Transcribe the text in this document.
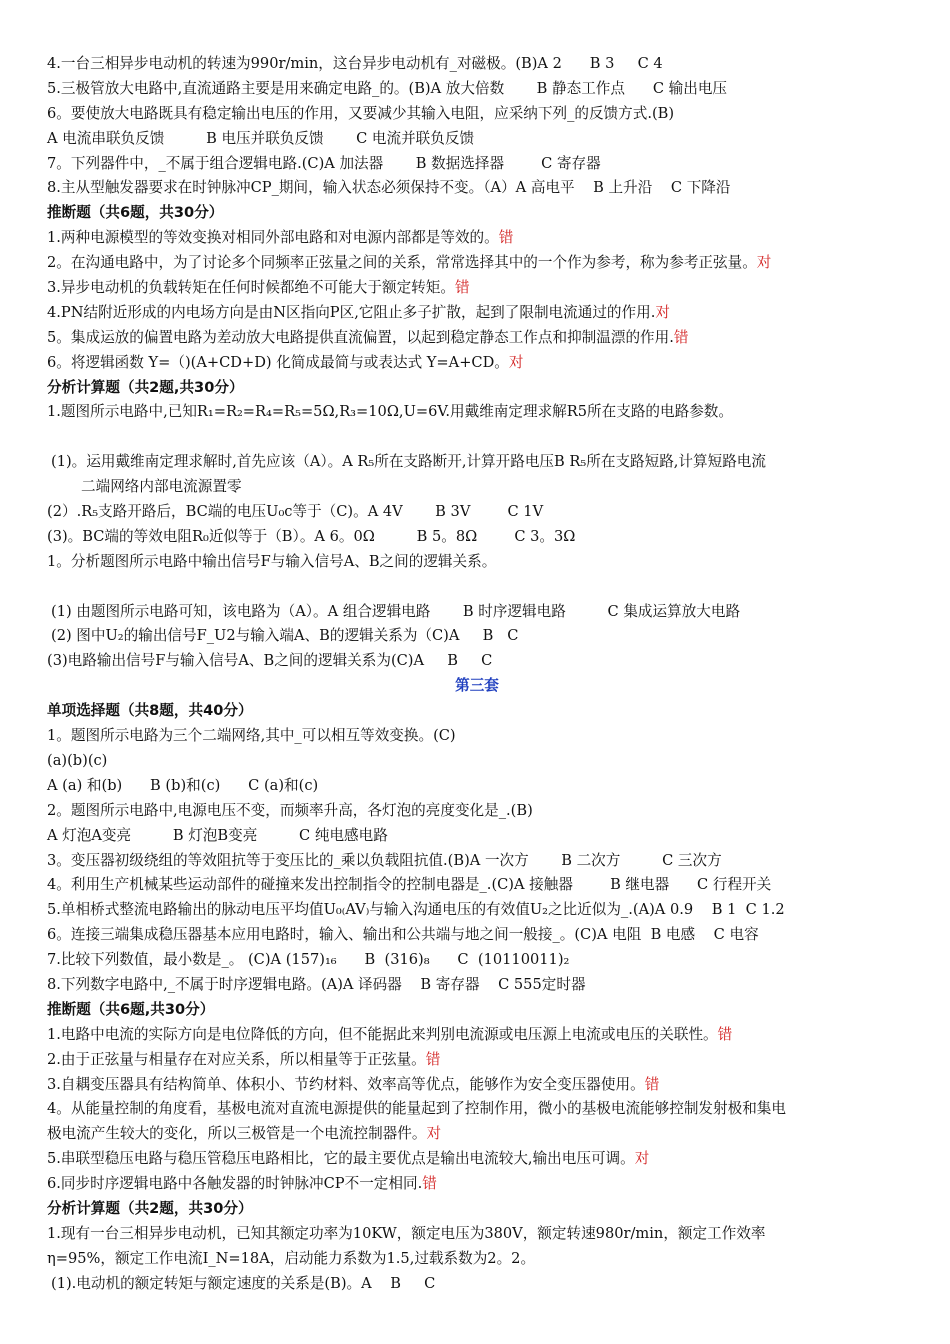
4.一台三相异步电动机的转速为990r/min，这台异步电动机有_对磁极。(B)A 2      B 3     C 4
5.三极管放大电路中,直流通路主要是用来确定电路_的。(B)A 放大倍数       B 静态工作点      C 输出电压
6。要使放大电路既具有稳定输出电压的作用，又要减少其输入电阻，应采纳下列_的反馈方式.(B)
A 电流串联负反馈         B 电压并联负反馈       C 电流并联负反馈
7。下列器件中，_不属于组合逻辑电路.(C)A 加法器       B 数据选择器        C 寄存器
8.主从型触发器要求在时钟脉冲CP_期间，输入状态必须保持不变。（A）A 高电平    B 上升沿    C 下降沿
推断题（共6题，共30分）
1.两种电源模型的等效变换对相同外部电路和对电源内部都是等效的。错
2。在沟通电路中，为了讨论多个同频率正弦量之间的关系，常常选择其中的一个作为参考，称为参考正弦量。对
3.异步电动机的负载转矩在任何时候都绝不可能大于额定转矩。错
4.PN结附近形成的内电场方向是由N区指向P区,它阻止多子扩散，起到了限制电流通过的作用.对
5。集成运放的偏置电路为差动放大电路提供直流偏置，以起到稳定静态工作点和抑制温漂的作用.错
6。将逻辑函数 Y=（)(A+CD+D) 化简成最简与或表达式 Y=A+CD。对
分析计算题（共2题,共30分）
1.题图所示电路中,已知R₁=R₂=R₄=R₅=5Ω,R₃=10Ω,U=6V.用戴维南定理求解R5所在支路的电路参数。
(1)。运用戴维南定理求解时,首先应该（A）。A R₅所在支路断开,计算开路电压B R₅所在支路短路,计算短路电流
二端网络内部电流源置零
(2）.R₅支路开路后，BC端的电压U₀c等于（C)。A 4V       B 3V        C 1V
(3)。BC端的等效电阻R₀近似等于（B）。A 6。0Ω         B 5。8Ω        C 3。3Ω
1。分析题图所示电路中输出信号F与输入信号A、B之间的逻辑关系。
(1) 由题图所示电路可知，该电路为（A）。A 组合逻辑电路       B 时序逻辑电路         C 集成运算放大电路
(2) 图中U₂的输出信号F_U2与输入端A、B的逻辑关系为（C)A     B   C
(3)电路输出信号F与输入信号A、B之间的逻辑关系为(C)A     B     C
第三套
单项选择题（共8题，共40分）
1。题图所示电路为三个二端网络,其中_可以相互等效变换。(C)
(a)(b)(c)
A (a) 和(b)      B (b)和(c)      C (a)和(c)
2。题图所示电路中,电源电压不变，而频率升高，各灯泡的亮度变化是_.(B)
A 灯泡A变亮         B 灯泡B变亮         C 纯电感电路
3。变压器初级绕组的等效阻抗等于变压比的_乘以负载阻抗值.(B)A 一次方       B 二次方         C 三次方
4。利用生产机械某些运动部件的碰撞来发出控制指令的控制电器是_.(C)A 接触器        B 继电器      C 行程开关
5.单相桥式整流电路输出的脉动电压平均值U₀₍AV₎与输入沟通电压的有效值U₂之比近似为_.(A)A 0.9    B 1  C 1.2
6。连接三端集成稳压器基本应用电路时，输入、输出和公共端与地之间一般接_。(C)A 电阻  B 电感    C 电容
7.比较下列数值，最小数是_。 (C)A (157)₁₆      B  (316)₈      C  (10110011)₂
8.下列数字电路中,_不属于时序逻辑电路。(A)A 译码器    B 寄存器    C 555定时器
推断题（共6题,共30分）
1.电路中电流的实际方向是电位降低的方向，但不能据此来判别电流源或电压源上电流或电压的关联性。错
2.由于正弦量与相量存在对应关系，所以相量等于正弦量。错
3.自耦变压器具有结构简单、体积小、节约材料、效率高等优点，能够作为安全变压器使用。错
4。从能量控制的角度看，基极电流对直流电源提供的能量起到了控制作用，微小的基极电流能够控制发射极和集电
极电流产生较大的变化，所以三极管是一个电流控制器件。对
5.串联型稳压电路与稳压管稳压电路相比，它的最主要优点是输出电流较大,输出电压可调。对
6.同步时序逻辑电路中各触发器的时钟脉冲CP不一定相同.错
分析计算题（共2题，共30分）
1.现有一台三相异步电动机，已知其额定功率为10KW，额定电压为380V，额定转速980r/min，额定工作效率
η=95%，额定工作电流I_N=18A，启动能力系数为1.5,过载系数为2。2。
(1).电动机的额定转矩与额定速度的关系是(B)。A    B     C
